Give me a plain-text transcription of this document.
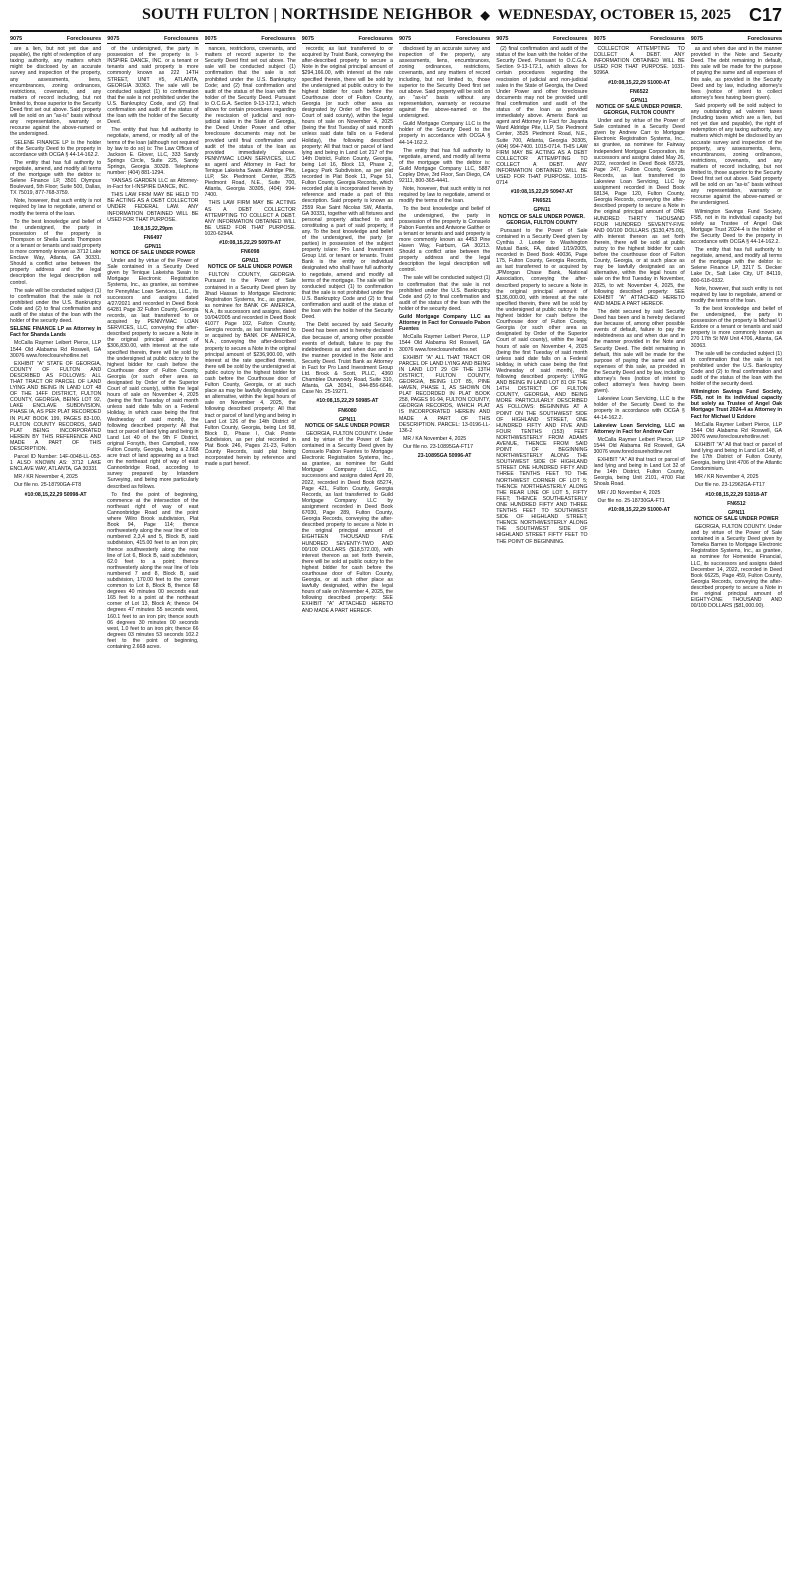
SOUTH FULTON | NORTHSIDE NEIGHBOR ◆ WEDNESDAY, OCTOBER 15, 2025 C17
9075	Foreclosures

are a lien, but not yet due and payable), the right of redemption of any taxing authority, any matters which might be disclosed by an accurate survey and inspection of the property, any assessments, liens, encumbrances, zoning ordinances, restrictions, covenants, and any matters of record including, but not limited to, those superior to the Security Deed first set out above. Said property will be sold on an "as-is" basis without any representation, warranty or recourse against the above-named or the undersigned.

SELENE FINANCE LP is the holder of the Security Deed to the property in accordance with OCGA § 44-14-162.2.

The entity that has full authority to negotiate, amend, and modify all terms of the mortgage with the debtor is: Selene Finance LP, 3501 Olympus Boulevard, 5th Floor; Suite 500, Dallas, TX 75019, 877-768-3759.

Note, however, that such entity is not required by law to negotiate, amend or modify the terms of the loan.

To the best knowledge and belief of the undersigned, the party in possession of the property is Thompson or Sheila Lands Thompson or a tenant or tenants and said property is more commonly known as 3712 Lake Enclave Way, Atlanta, GA 30331. Should a conflict arise between the property address and the legal description the legal description will control.

The sale will be conducted subject (1) to confirmation that the sale is not prohibited under the U.S. Bankruptcy Code and (2) to final confirmation and audit of the status of the loan with the holder of the security deed.

SELENE FINANCE LP as Attorney in Fact for Shanda Lands

McCalla Raymer Leibert Pierce, LLP 1544 Old Alabama Rd Roswell, GA 30076 www.foreclosurehotline.net

EXHIBIT "A" STATE OF GEORGIA, COUNTY OF FULTON AND DESCRIBED AS FOLLOWS: ALL THAT TRACT OR PARCEL OF LAND LYING AND BEING IN LAND LOT 48 OF THE 14FF DISTRICT, FULTON COUNTY, GEORGIA, BEING LOT 92, LAKE ENCLAVE SUBDIVISION, PHASE IA, AS PER PLAT RECORDED IN PLAT BOOK 199, PAGES 83-100, FULTON COUNTY RECORDS, SAID PLAT BEING INCORPORATED HEREIN BY THIS REFERENCE AND MADE A PART OF THIS DESCRIPTION.

Parcel ID Number: 14F-0048-LL-053-1 ALSO KNOWN AS: 3712 LAKE ENCLAVE WAY, ATLANTA, GA 30331

MR / KR November 4, 2025

Our file no. 25-18790GA-FT8

#10:08,15,22,29 50998-AT

9075	Foreclosures

of the undersigned, the party in possession of the property is I-INSPIRE DANCE, INC. or a tenant or tenants and said property is more commonly known as 222 14TH STREET, UNIT #5, ATLANTA, GEORGIA 30363. The sale will be conducted subject (1) to confirmation that the sale is not prohibited under the U.S. Bankruptcy Code, and (2) final confirmation and audit of the status of the loan with the holder of the Security Deed.

The entity that has full authority to negotiate, amend, or modify all of the terms of the loan (although not required by law to do so) is: The Law Offices of Jackson E. Glover, LLC, 333 Sandy Springs Circle, Suite 225, Sandy Springs, Georgia 30328. Telephone number: (404) 881-1294.

YANSAS GARDEN LLC as Attorney-in-Fact for I-INSPIRE DANCE, INC.

THIS LAW FIRM MAY BE HELD TO BE ACTING AS A DEBT COLLECTOR UNDER FEDERAL LAW. ANY INFORMATION OBTAINED WILL BE USED FOR THAT PURPOSE.

10:8,15,22,29pm

FN6497

GPN11

NOTICE OF SALE UNDER POWER

Under and by virtue of the Power of Sale contained in a Security Deed given by Tenique Lakeisha Swain to Mortgage Electronic Registration Systems, Inc., as grantee, as nominee for PennyMac Loan Services, LLC., its successors and assigns dated 4/27/2021 and recorded in Deed Book 64281 Page 32 Fulton County, Georgia records, as last transferred to or acquired by PENNYMAC LOAN SERVICES, LLC, conveying the after-described property to secure a Note in the original principal amount of $306,830.00, with interest at the rate specified therein, there will be sold by the undersigned at public outcry to the highest bidder for cash before the Courthouse door of Fulton County, Georgia (or such other area as designated by Order of the Superior Court of said county), within the legal hours of sale on November 4, 2025 (being the first Tuesday of said month unless said date falls on a Federal Holiday, in which case being the first Wednesday of said month), the following described property: All that tract or parcel of land lying and being in Land Lot 40 of the 9th F District, original Forsyth, then Campbell, now Fulton County, Georgia, being a 2.668 acre tract of land appearing as a tract on the northeast right of way of east Cannonbridge Road, according to survey prepared by Intandem Surveying, and being more particularly described as follows.

To find the point of beginning, commence at the intersection of the northeast right of way of east Cannonbridge Road and the point where Wilro Brook subdivision, Plat Book 94, Page 114; thence northwesterly along the rear line of lots numbered 2,3,4 and 5, Block B, said subdivision, 415.00 feet to an iron pin; thence southwesterly along the rear line of Lot 6, Block B, said subdivision, 62.0 feet to a point; thence northwesterly along the rear line of lots numbered 7 and 8, Block B, said subdivision, 170.00 feet to the corner common to Lot 8, Block B, thence 68 degrees 40 minutes 00 seconds east 165 feet to a point at the northeast corner of Lot 13, Block A; thence 04 degrees 47 minutes 55 seconds west, 160.1 feet to an iron pin; thence south 06 degrees 30 minutes 00 seconds west, 1.0 feet to an iron pin; thence 66 degrees 03 minutes 53 seconds 102.2 feet to the point of beginning, containing 2.668 acres.

9075	Foreclosures

nances, restrictions, covenants, and matters of record superior to the Security Deed first set out above. The sale will be conducted subject (1) confirmation that the sale is not prohibited under the U.S. Bankruptcy Code; and (2) final confirmation and audit of the status of the loan with the holder of the Security Deed. Pursuant to O.C.G.A. Section 9-13-172.1, which allows for certain procedures regarding the rescission of judicial and non-judicial sales in the State of Georgia, the Deed Under Power and other foreclosure documents may not be provided until final confirmation and audit of the status of the loan as provided immediately above. PENNYMAC LOAN SERVICES, LLC as agent and Attorney in Fact for Tenique Lakeisha Swain. Aldridge Pite, LLP, Six Piedmont Center, 3525 Piedmont Road, N.E., Suite 700, Atlanta, Georgia 30305, (404) 994-7400.

THIS LAW FIRM MAY BE ACTING AS A DEBT COLLECTOR ATTEMPTING TO COLLECT A DEBT. ANY INFORMATION OBTAINED WILL BE USED FOR THAT PURPOSE. 1020-6294A

#10:08,15,22,29 50979-AT

FN6098

GPN11

NOTICE OF SALE UNDER POWER

FULTON COUNTY, GEORGIA. Pursuant to the Power of Sale contained in a Security Deed given by Jihad Hassan to Mortgage Electronic Registration Systems, Inc., as grantee, as nominee for BANK OF AMERICA, N.A., its successors and assigns, dated 10/04/2005 and recorded in Deed Book 41077 Page 102, Fulton County, Georgia records, as last transferred to or acquired by BANK OF AMERICA, N.A., conveying the after-described property to secure a Note in the original principal amount of $236,900.00, with interest at the rate specified therein, there will be sold by the undersigned at public outcry to the highest bidder for cash before the Courthouse door of Fulton County, Georgia, or at such place as may be lawfully designated as an alternative, within the legal hours of sale on November 4, 2025, the following described property: All that tract or parcel of land lying and being in Land Lot 126 of the 14th District of Fulton County, Georgia, being Lot 98, Block D, Phase I, Oak Pointe Subdivision, as per plat recorded in Plat Book 246, Pages 21-23, Fulton County Records, said plat being incorporated herein by reference and made a part hereof.

9075	Foreclosures

records; as last transferred to or acquired by Truist Bank, conveying the after-described property to secure a Note in the original principal amount of $294,166.00, with interest at the rate specified therein, there will be sold by the undersigned at public outcry to the highest bidder for cash before the Courthouse door of Fulton County, Georgia (or such other area as designated by Order of the Superior Court of said county), within the legal hours of sale on November 4, 2025 (being the first Tuesday of said month unless said date falls on a Federal Holiday), the following described property: All that tract or parcel of land lying and being in Land Lot 217 of the 14th District, Fulton County, Georgia, being Lot 16, Block 13, Phase 2, Legacy Park Subdivision, as per plat recorded in Plat Book 11, Page 51, Fulton County, Georgia Records, which recorded plat is incorporated herein by reference and made a part of this description. Said property is known as 2559 Rue Saint Nicolas SW, Atlanta, GA 30331, together with all fixtures and personal property attached to and constituting a part of said property, if any. To the best knowledge and belief of the undersigned, the party (or parties) in possession of the subject property is/are: Pro Land Investment Group Ltd. or tenant or tenants. Truist Bank is the entity or individual designated who shall have full authority to negotiate, amend and modify all terms of the mortgage. The sale will be conducted subject (1) to confirmation that the sale is not prohibited under the U.S. Bankruptcy Code and (2) to final confirmation and audit of the status of the loan with the holder of the Security Deed.

The Debt secured by said Security Deed has been and is hereby declared due because of, among other possible events of default, failure to pay the indebtedness as and when due and in the manner provided in the Note and Security Deed. Truist Bank as Attorney in Fact for Pro Land Investment Group Ltd. Brock & Scott, PLLC, 4360 Chamblee Dunwoody Road, Suite 310, Atlanta, GA 30341, 844-856-6646. Case No. 25-19271.

#10:08,15,22,29 50985-AT

FN6080

GPN11

NOTICE OF SALE UNDER POWER

GEORGIA, FULTON COUNTY. Under and by virtue of the Power of Sale contained in a Security Deed given by Consuelo Pabon Fuentes to Mortgage Electronic Registration Systems, Inc., as grantee, as nominee for Guild Mortgage Company LLC, its successors and assigns dated April 20, 2022, recorded in Deed Book 65274, Page 421, Fulton County, Georgia Records, as last transferred to Guild Mortgage Company LLC by assignment recorded in Deed Book 67030, Page 289, Fulton County, Georgia Records, conveying the after-described property to secure a Note in the original principal amount of EIGHTEEN THOUSAND FIVE HUNDRED SEVENTY-TWO AND 00/100 DOLLARS ($18,572.00), with interest thereon as set forth therein, there will be sold at public outcry to the highest bidder for cash before the courthouse door of Fulton County, Georgia, or at such other place as lawfully designated, within the legal hours of sale on November 4, 2025, the following described property: SEE EXHIBIT "A" ATTACHED HERETO AND MADE A PART HEREOF.

9075	Foreclosures

disclosed by an accurate survey and inspection of the property, any assessments, liens, encumbrances, zoning ordinances, restrictions, covenants, and any matters of record including, but not limited to, those superior to the Security Deed first set out above. Said property will be sold on an "as-is" basis without any representation, warranty or recourse against the above-named or the undersigned.

Guild Mortgage Company LLC is the holder of the Security Deed to the property in accordance with OCGA § 44-14-162.2.

The entity that has full authority to negotiate, amend, and modify all terms of the mortgage with the debtor is: Guild Mortgage Company LLC, 5887 Copley Drive, 3rd Floor, San Diego, CA 92111, 800-365-4441.

Note, however, that such entity is not required by law to negotiate, amend or modify the terms of the loan.

To the best knowledge and belief of the undersigned, the party in possession of the property is Consuelo Pabon Fuentes and Antwone Gaither or a tenant or tenants and said property is more commonly known as 4453 Pine Haven Way, Fairburn, GA 30213. Should a conflict arise between the property address and the legal description the legal description will control.

The sale will be conducted subject (1) to confirmation that the sale is not prohibited under the U.S. Bankruptcy Code and (2) to final confirmation and audit of the status of the loan with the holder of the security deed.

Guild Mortgage Company LLC as Attorney in Fact for Consuelo Pabon Fuentes

McCalla Raymer Leibert Pierce, LLP 1544 Old Alabama Rd Roswell, GA 30076 www.foreclosurehotline.net

EXHIBIT "A" ALL THAT TRACT OR PARCEL OF LAND LYING AND BEING IN LAND LOT 29 OF THE 13TH DISTRICT, FULTON COUNTY, GEORGIA, BEING LOT 85, PINE HAVEN, PHASE 1, AS SHOWN ON PLAT RECORDED IN PLAT BOOK 258, PAGES 91-94, FULTON COUNTY, GEORGIA RECORDS, WHICH PLAT IS INCORPORATED HEREIN AND MADE A PART OF THIS DESCRIPTION. PARCEL: 13-0196-LL-136-2

MR / KA November 4, 2025

Our file no. 23-10895GA-FT17

23-10895GA 50996-AT

9075	Foreclosures

(2) final confirmation and audit of the status of the loan with the holder of the Security Deed. Pursuant to O.C.G.A. Section 9-13-172.1, which allows for certain procedures regarding the rescission of judicial and non-judicial sales in the State of Georgia, the Deed Under Power and other foreclosure documents may not be provided until final confirmation and audit of the status of the loan as provided immediately above. Ameris Bank as agent and Attorney in Fact for Jayanta Ward Aldridge Pite, LLP, Six Piedmont Center, 3525 Piedmont Road, N.E., Suite 700, Atlanta, Georgia 30305, (404) 994-7400. 1015-0714. THIS LAW FIRM MAY BE ACTING AS A DEBT COLLECTOR ATTEMPTING TO COLLECT A DEBT. ANY INFORMATION OBTAINED WILL BE USED FOR THAT PURPOSE. 1015-0714

#10:08,15,22,29 50947-AT

FN6521

GPN11

NOTICE OF SALE UNDER POWER. GEORGIA, FULTON COUNTY

Pursuant to the Power of Sale contained in a Security Deed given by Cynthia J. Lunder to Washington Mutual Bank, FA, dated 1/19/2005, recorded in Deed Book 40036, Page 175, Fulton County, Georgia Records, as last transferred to or acquired by JPMorgan Chase Bank, National Association, conveying the after-described property to secure a Note in the original principal amount of $136,000.00, with interest at the rate specified therein, there will be sold by the undersigned at public outcry to the highest bidder for cash before the Courthouse door of Fulton County, Georgia (or such other area as designated by Order of the Superior Court of said county), within the legal hours of sale on November 4, 2025 (being the first Tuesday of said month unless said date falls on a Federal Holiday, in which case being the first Wednesday of said month), the following described property: LYING AND BEING IN LAND LOT 81 OF THE 14TH DISTRICT OF FULTON COUNTY, GEORGIA, AND BEING MORE PARTICULARLY DESCRIBED AS FOLLOWS: BEGINNING AT A POINT ON THE SOUTHWEST SIDE OF HIGHLAND STREET, ONE HUNDRED FIFTY AND FIVE AND FOUR TENTHS (153) FEET NORTHWESTERLY FROM ADAMS AVENUE, THENCE FROM SAID POINT OF BEGINNING NORTHWESTERLY ALONG THE SOUTHWEST SIDE OF HIGHLAND STREET ONE HUNDRED FIFTY AND THREE TENTHS FEET TO THE NORTHWEST CORNER OF LOT 5; THENCE NORTHEASTERLY ALONG THE REAR LINE OF LOT 5, FIFTY FEET; THENCE SOUTHEASTERLY ONE HUNDRED FIFTY AND THREE TENTHS FEET TO SOUTHWEST SIDE OF HIGHLAND STREET; THENCE NORTHWESTERLY ALONG THE SOUTHWEST SIDE OF HIGHLAND STREET FIFTY FEET TO THE POINT OF BEGINNING.

9075	Foreclosures

COLLECTOR ATTEMPTING TO COLLECT A DEBT. ANY INFORMATION OBTAINED WILL BE USED FOR THAT PURPOSE. 1031-5096A

#10:08,15,22,29 51000-AT

FN6522

GPN11

NOTICE OF SALE UNDER POWER. GEORGIA, FULTON COUNTY

Under and by virtue of the Power of Sale contained in a Security Deed given by Andrew Carr to Mortgage Electronic Registration Systems, Inc., as grantee, as nominee for Fairway Independent Mortgage Corporation, its successors and assigns dated May 26, 2022, recorded in Deed Book 65725, Page 247, Fulton County, Georgia Records, as last transferred to Lakeview Loan Servicing, LLC by assignment recorded in Deed Book 68134, Page 120, Fulton County, Georgia Records, conveying the after-described property to secure a Note in the original principal amount of ONE HUNDRED THIRTY THOUSAND FOUR HUNDRED SEVENTY-FIVE AND 00/100 DOLLARS ($130,475.00), with interest thereon as set forth therein, there will be sold at public outcry to the highest bidder for cash before the courthouse door of Fulton County, Georgia, or at such place as may be lawfully designated as an alternative, within the legal hours of sale on the first Tuesday in November, 2025, to wit: November 4, 2025, the following described property: SEE EXHIBIT "A" ATTACHED HERETO AND MADE A PART HEREOF.

The debt secured by said Security Deed has been and is hereby declared due because of, among other possible events of default, failure to pay the indebtedness as and when due and in the manner provided in the Note and Security Deed. The debt remaining in default, this sale will be made for the purpose of paying the same and all expenses of this sale, as provided in the Security Deed and by law, including attorney's fees (notice of intent to collect attorney's fees having been given).

Lakeview Loan Servicing, LLC is the holder of the Security Deed to the property in accordance with OCGA § 44-14-162.2.

Lakeview Loan Servicing, LLC as Attorney in Fact for Andrew Carr

McCalla Raymer Leibert Pierce, LLP 1544 Old Alabama Rd Roswell, GA 30076 www.foreclosurehotline.net

EXHIBIT "A" All that tract or parcel of land lying and being in Land Lot 32 of the 14th District, Fulton County, Georgia, being Unit 2101, 4700 Flat Shoals Road.

MR / JD November 4, 2025

Our file no. 25-18730GA-FT1

#10:08,15,22,29 51000-AT

9075	Foreclosures

as and when due and in the manner provided in the Note and Security Deed. The debt remaining in default, this sale will be made for the purpose of paying the same and all expenses of this sale, as provided in the Security Deed and by law, including attorney's fees (notice of intent to collect attorney's fees having been given).

Said property will be sold subject to any outstanding ad valorem taxes (including taxes which are a lien, but not yet due and payable), the right of redemption of any taxing authority, any matters which might be disclosed by an accurate survey and inspection of the property, any assessments, liens, encumbrances, zoning ordinances, restrictions, covenants, and any matters of record including, but not limited to, those superior to the Security Deed first set out above. Said property will be sold on an "as-is" basis without any representation, warranty or recourse against the above-named or the undersigned.

Wilmington Savings Fund Society, FSB, not in its individual capacity but solely as Trustee of Angel Oak Mortgage Trust 2024-4 is the holder of the Security Deed to the property in accordance with OCGA § 44-14-162.2.

The entity that has full authority to negotiate, amend, and modify all terms of the mortgage with the debtor is: Selene Finance LP, 3217 S. Decker Lake Dr., Salt Lake City, UT 84119, 800-618-0332.

Note, however, that such entity is not required by law to negotiate, amend or modify the terms of the loan.

To the best knowledge and belief of the undersigned, the party in possession of the property is Michael U Ezidore or a tenant or tenants and said property is more commonly known as 270 17th St NW Unit 4706, Atlanta, GA 30363.

The sale will be conducted subject (1) to confirmation that the sale is not prohibited under the U.S. Bankruptcy Code and (2) to final confirmation and audit of the status of the loan with the holder of the security deed.

Wilmington Savings Fund Society, FSB, not in its individual capacity but solely as Trustee of Angel Oak Mortgage Trust 2024-4 as Attorney in Fact for Michael U Ezidore

McCalla Raymer Leibert Pierce, LLP 1544 Old Alabama Rd Roswell, GA 30076 www.foreclosurehotline.net

EXHIBIT "A" All that tract or parcel of land lying and being in Land Lot 148, of the 17th District of Fulton County, Georgia, being Unit 4706 of the Atlantic Condominium.

MR / KR November 4, 2025

Our file no. 23-12962GA-FT17

#10:08,15,22,29 51018-AT

FN6512

GPN11

NOTICE OF SALE UNDER POWER

GEORGIA, FULTON COUNTY. Under and by virtue of the Power of Sale contained in a Security Deed given by Tomeka Barnes to Mortgage Electronic Registration Systems, Inc., as grantee, as nominee for Homeside Financial, LLC, its successors and assigns dated December 14, 2022, recorded in Deed Book 66225, Page 459, Fulton County, Georgia Records, conveying the after-described property to secure a Note in the original principal amount of EIGHTY-ONE THOUSAND AND 00/100 DOLLARS ($81,000.00).
